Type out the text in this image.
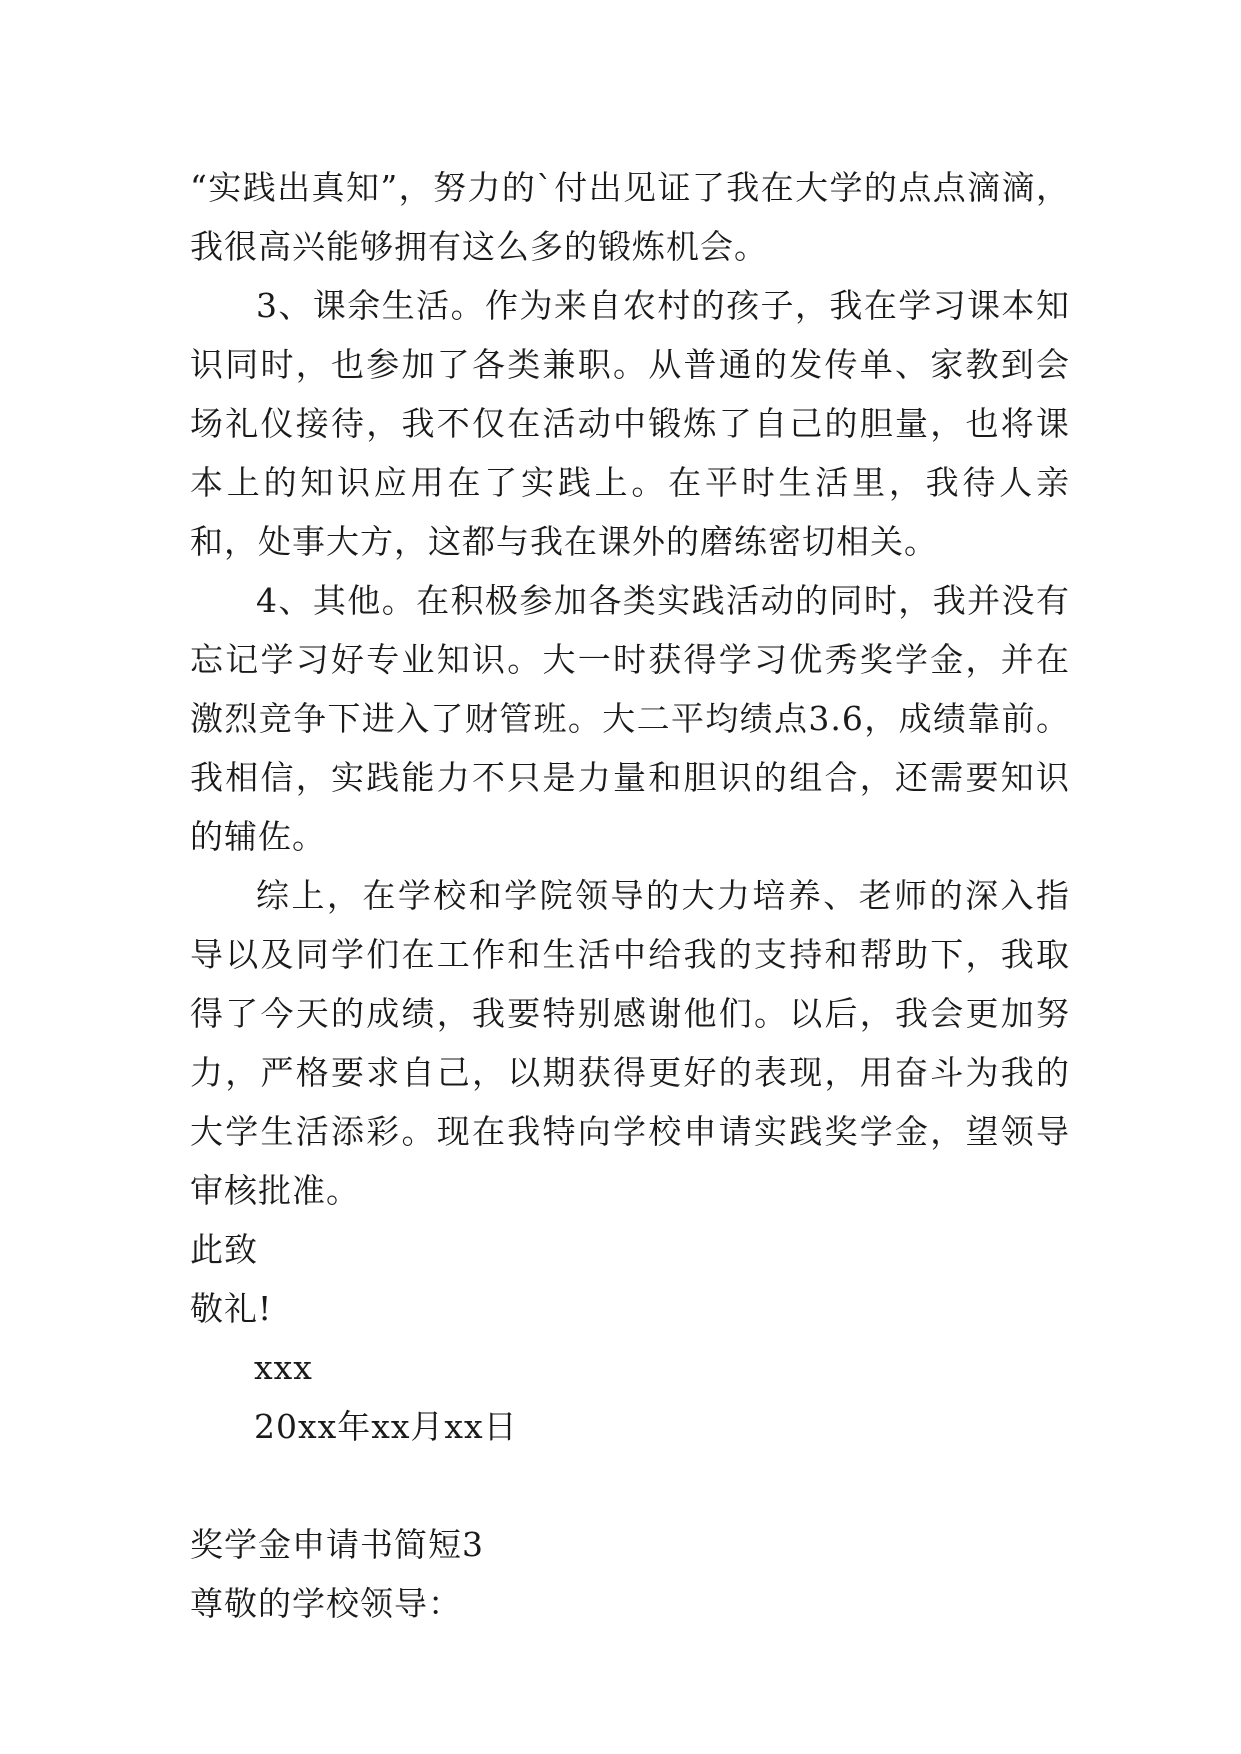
“实践出真知”，努力的`付出见证了我在大学的点点滴滴，我很高兴能够拥有这么多的锻炼机会。

3、课余生活。作为来自农村的孩子，我在学习课本知识同时，也参加了各类兼职。从普通的发传单、家教到会场礼仪接待，我不仅在活动中锻炼了自己的胆量，也将课本上的知识应用在了实践上。在平时生活里，我待人亲和，处事大方，这都与我在课外的磨练密切相关。

4、其他。在积极参加各类实践活动的同时，我并没有忘记学习好专业知识。大一时获得学习优秀奖学金，并在激烈竞争下进入了财管班。大二平均绩点3.6，成绩靠前。我相信，实践能力不只是力量和胆识的组合，还需要知识的辅佐。

综上，在学校和学院领导的大力培养、老师的深入指导以及同学们在工作和生活中给我的支持和帮助下，我取得了今天的成绩，我要特别感谢他们。以后，我会更加努力，严格要求自己，以期获得更好的表现，用奋斗为我的大学生活添彩。现在我特向学校申请实践奖学金，望领导审核批准。

此致

敬礼!

xxx

20xx年xx月xx日

奖学金申请书简短3

尊敬的学校领导：
